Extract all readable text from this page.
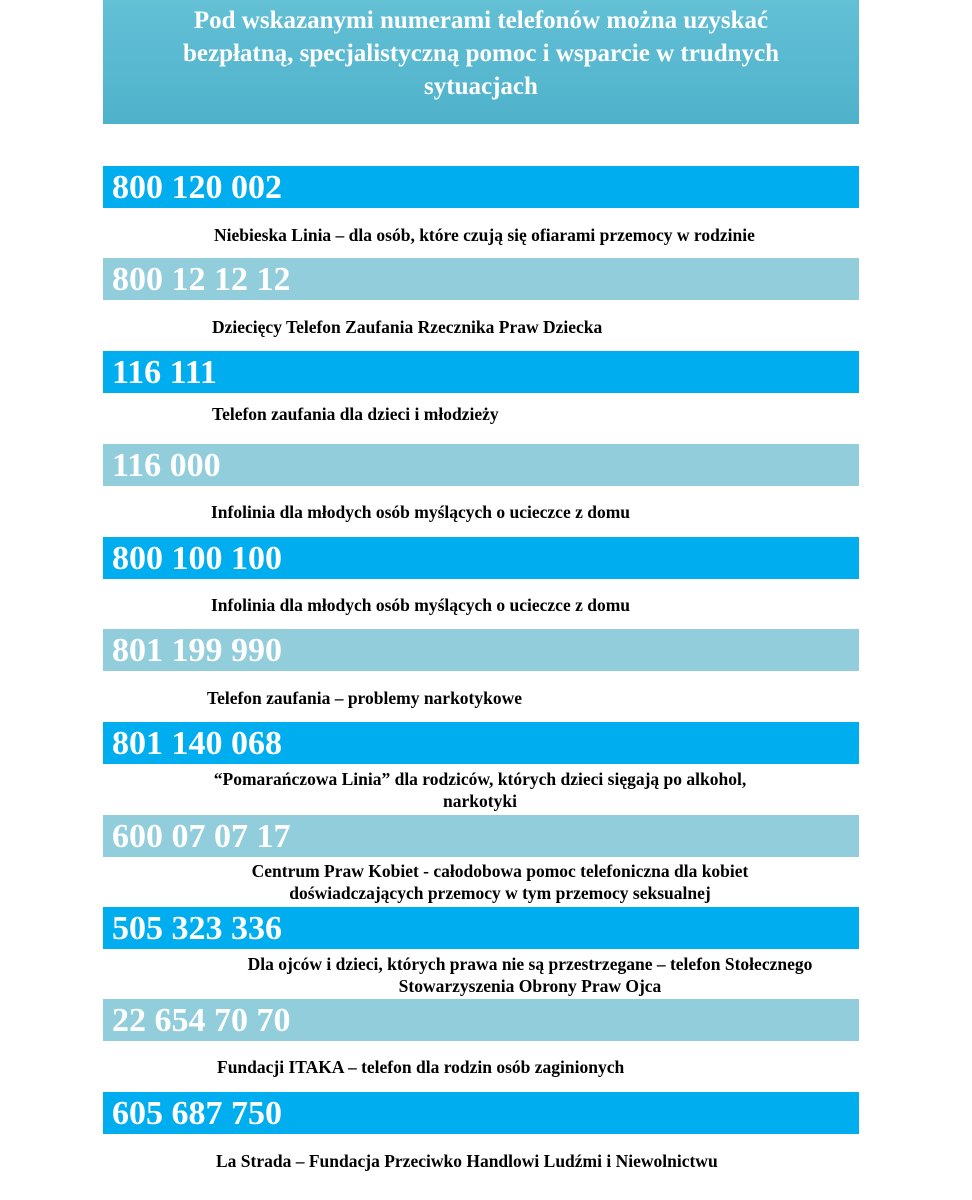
Pod wskazanymi numerami telefonów można uzyskać
bezpłatną, specjalistyczną pomoc i wsparcie w trudnych
sytuacjach
800 120 002
Niebieska Linia – dla osób, które czują się ofiarami przemocy w rodzinie
800 12 12 12
Dziecięcy Telefon Zaufania Rzecznika Praw Dziecka
116 111
Telefon zaufania dla dzieci i młodzieży
116 000
Infolinia dla młodych osób myślących o ucieczce z domu
800 100 100
Infolinia dla młodych osób myślących o ucieczce z domu
801 199 990
Telefon zaufania – problemy narkotykowe
801 140 068
“Pomarańczowa Linia” dla rodziców, których dzieci sięgają po alkohol,
narkotyki
600 07 07 17
Centrum Praw Kobiet - całodobowa pomoc telefoniczna dla kobiet
doświadczających przemocy w tym przemocy seksualnej
505 323 336
Dla ojców i dzieci, których prawa nie są przestrzegane – telefon Stołecznego
Stowarzyszenia Obrony Praw Ojca
22 654 70 70
Fundacji ITAKA – telefon dla rodzin osób zaginionych
605 687 750
La Strada – Fundacja Przeciwko Handlowi Ludźmi i Niewolnictwu
